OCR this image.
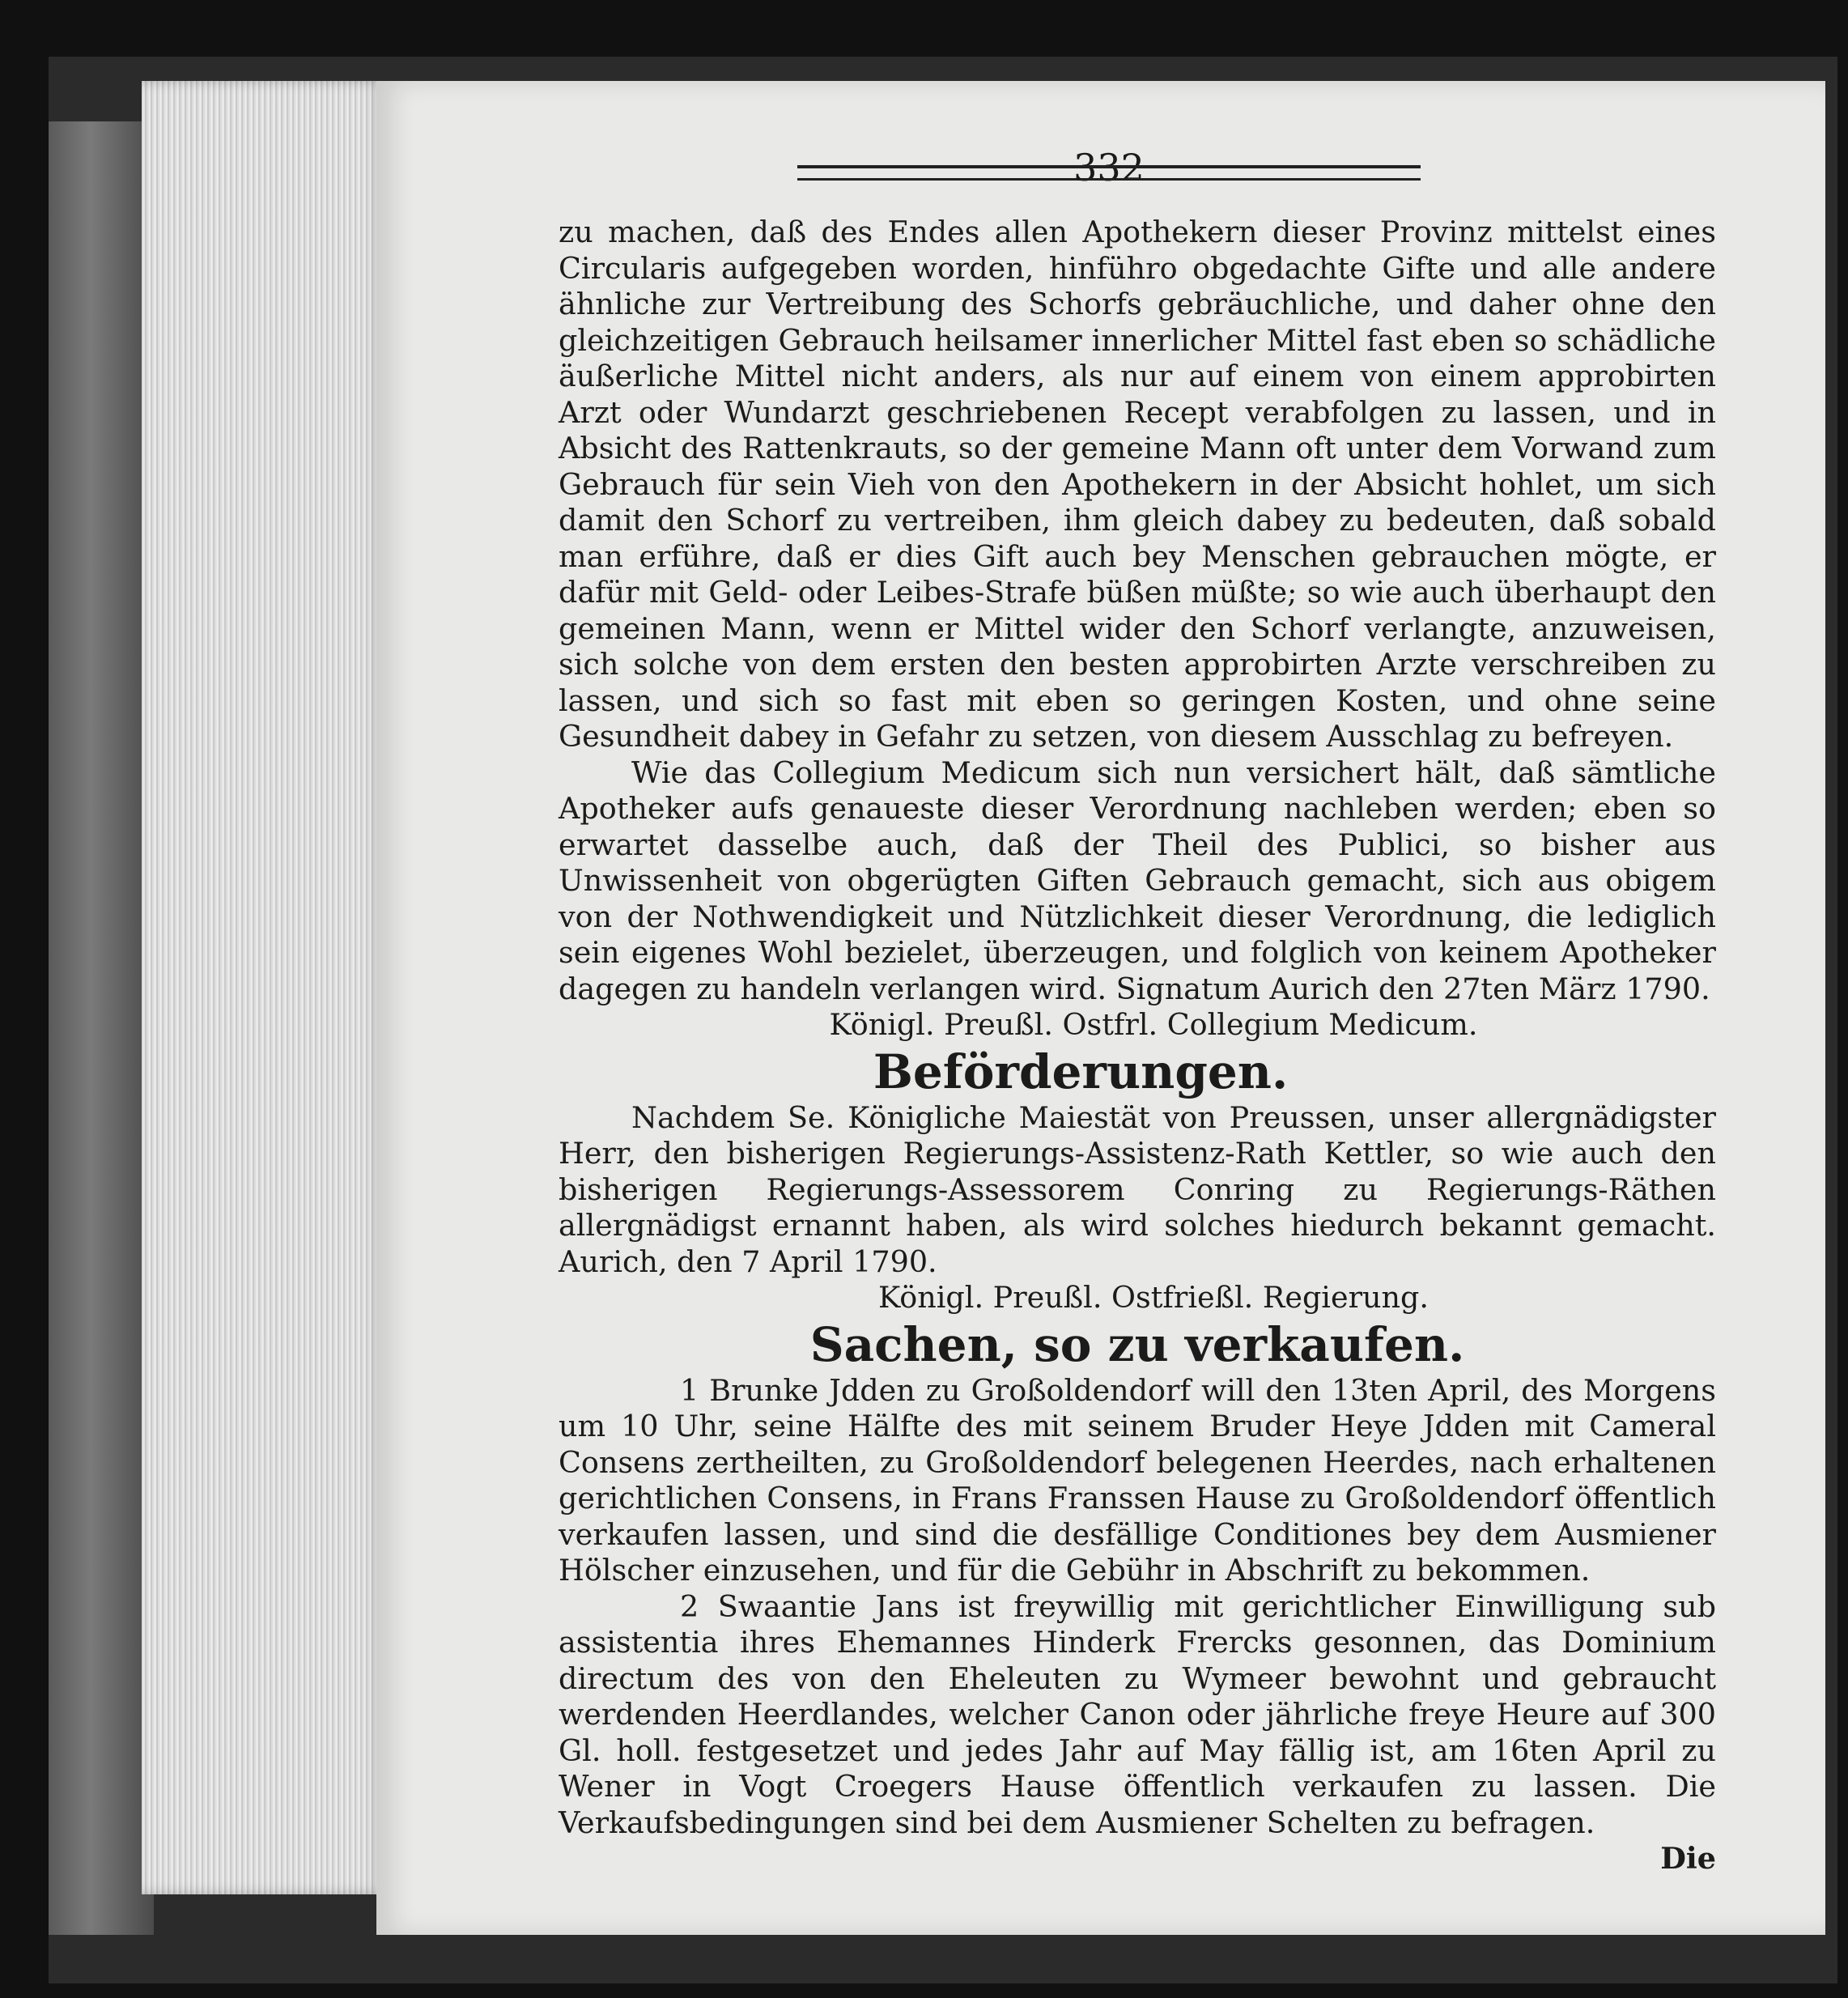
332

zu machen, daß des Endes allen Apothekern dieser Provinz mittelst eines Circularis aufgegeben worden, hinführo obgedachte Gifte und alle andere ähnliche zur Vertreibung des Schorfs gebräuchliche, und daher ohne den gleichzeitigen Gebrauch heilsamer innerlicher Mittel fast eben so schädliche äußerliche Mittel nicht anders, als nur auf einem von einem approbirten Arzt oder Wundarzt geschriebenen Recept verabfolgen zu lassen, und in Absicht des Rattenkrauts, so der gemeine Mann oft unter dem Vorwand zum Gebrauch für sein Vieh von den Apothekern in der Absicht hohlet, um sich damit den Schorf zu vertreiben, ihm gleich dabey zu bedeuten, daß sobald man erführe, daß er dies Gift auch bey Menschen gebrauchen mögte, er dafür mit Geld- oder Leibes-Strafe büßen müßte; so wie auch überhaupt den gemeinen Mann, wenn er Mittel wider den Schorf verlangte, anzuweisen, sich solche von dem ersten den besten approbirten Arzte verschreiben zu lassen, und sich so fast mit eben so geringen Kosten, und ohne seine Gesundheit dabey in Gefahr zu setzen, von diesem Ausschlag zu befreyen.

Wie das Collegium Medicum sich nun versichert hält, daß sämtliche Apotheker aufs genaueste dieser Verordnung nachleben werden; eben so erwartet dasselbe auch, daß der Theil des Publici, so bisher aus Unwissenheit von obgerügten Giften Gebrauch gemacht, sich aus obigem von der Nothwendigkeit und Nützlichkeit dieser Verordnung, die lediglich sein eigenes Wohl bezielet, überzeugen, und folglich von keinem Apotheker dagegen zu handeln verlangen wird. Signatum Aurich den 27ten März 1790.

Königl. Preußl. Ostfrl. Collegium Medicum.

Beförderungen.

Nachdem Se. Königliche Maiestät von Preussen, unser allergnädigster Herr, den bisherigen Regierungs-Assistenz-Rath Kettler, so wie auch den bisherigen Regierungs-Assessorem Conring zu Regierungs-Räthen allergnädigst ernannt haben, als wird solches hiedurch bekannt gemacht. Aurich, den 7 April 1790.

Königl. Preußl. Ostfrießl. Regierung.

Sachen, so zu verkaufen.

1 Brunke Jdden zu Großoldendorf will den 13ten April, des Morgens um 10 Uhr, seine Hälfte des mit seinem Bruder Heye Jdden mit Cameral Consens zertheilten, zu Großoldendorf belegenen Heerdes, nach erhaltenen gerichtlichen Consens, in Frans Franssen Hause zu Großoldendorf öffentlich verkaufen lassen, und sind die desfällige Conditiones bey dem Ausmiener Hölscher einzusehen, und für die Gebühr in Abschrift zu bekommen.

2 Swaantie Jans ist freywillig mit gerichtlicher Einwilligung sub assistentia ihres Ehemannes Hinderk Frercks gesonnen, das Dominium directum des von den Eheleuten zu Wymeer bewohnt und gebraucht werdenden Heerdlandes, welcher Canon oder jährliche freye Heure auf 300 Gl. holl. festgesetzet und jedes Jahr auf May fällig ist, am 16ten April zu Wener in Vogt Croegers Hause öffentlich verkaufen zu lassen. Die Verkaufsbedingungen sind bei dem Ausmiener Schelten zu befragen.

Die
